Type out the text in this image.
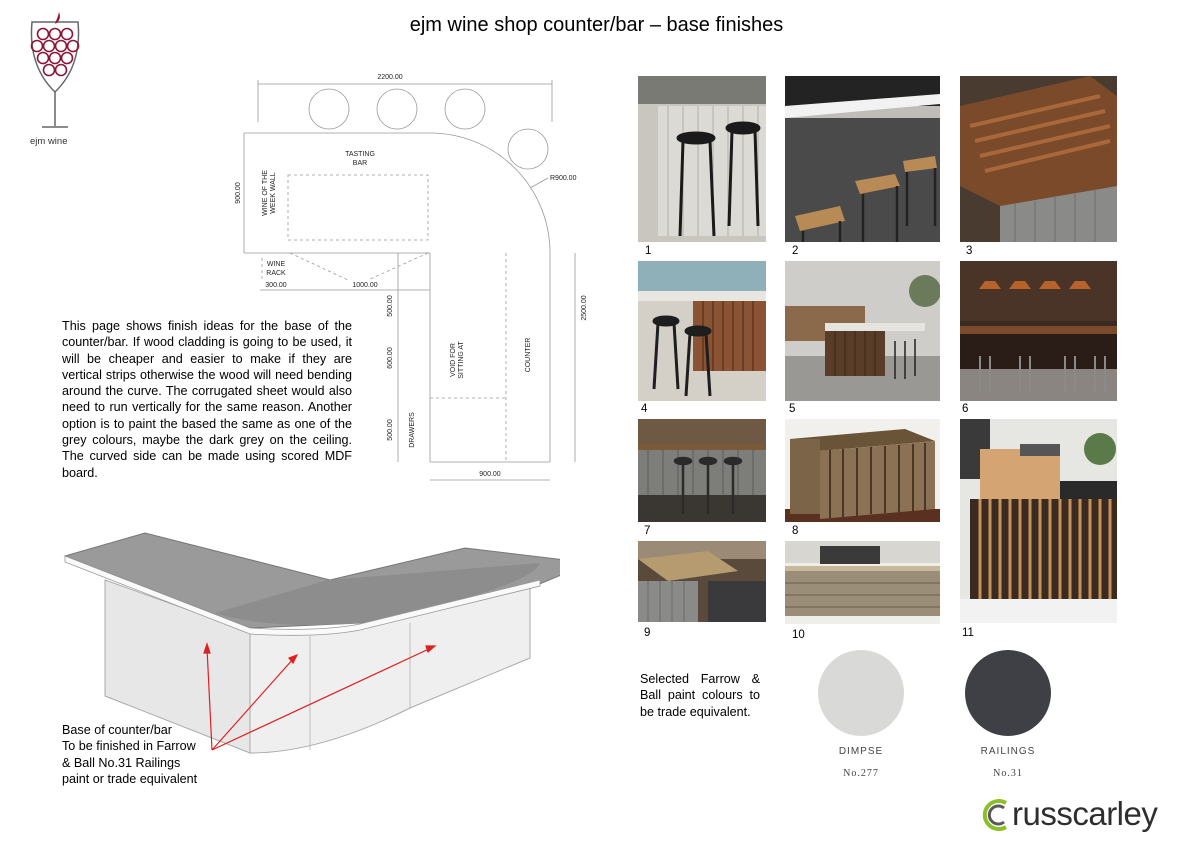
ejm wine shop counter/bar – base finishes
ejm wine
2200.00
TASTING
BAR
R900.00
900.00	WINE OF THE WEEK WALL
WINE
RACK
300.00	1000.00
500.00
600.00
500.00
2500.00
VOID FOR SITTING AT	COUNTER
DRAWERS
900.00
This page shows finish ideas for the base of the counter/bar. If wood cladding is going to be used, it will be cheaper and easier to make if they are vertical strips otherwise the wood will need bending around the curve. The corrugated sheet would also need to run vertically for the same reason. Another option is to paint the based the same as one of the grey colours, maybe the dark grey on the ceiling. The curved side can be made using scored MDF board.
Base of counter/bar
To be finished in Farrow
& Ball No.31 Railings
paint or trade equivalent
1	2	3
4	5	6
7	8
9	10	11
Selected Farrow & Ball paint colours to be trade equivalent.
DIMPSE
No.277
RAILINGS
No.31
russcarley
